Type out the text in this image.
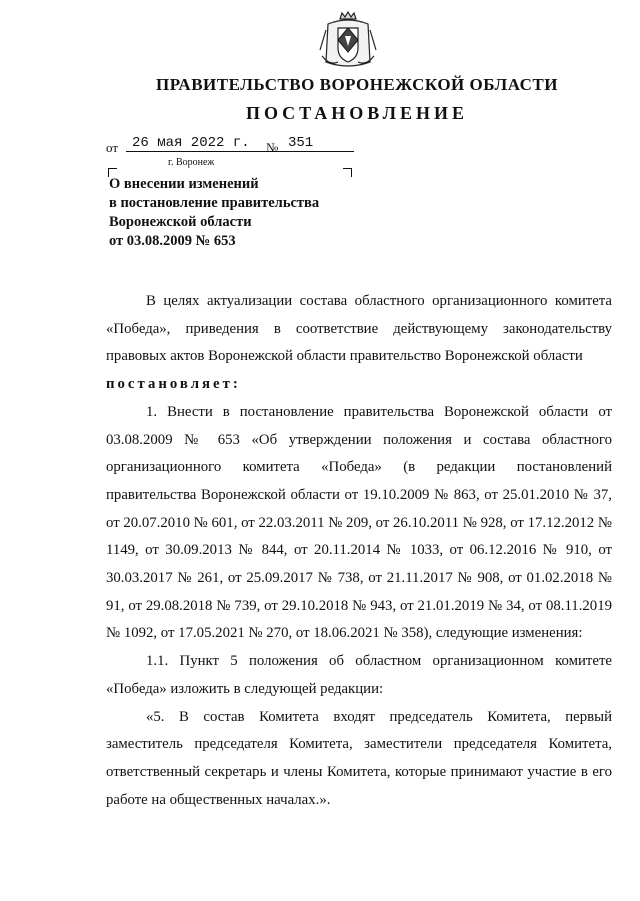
ПРАВИТЕЛЬСТВО ВОРОНЕЖСКОЙ ОБЛАСТИ
ПОСТАНОВЛЕНИЕ
от 26 мая 2022 г.	№ 351
г. Воронеж
О внесении изменений
в постановление правительства
Воронежской области
от 03.08.2009 № 653

В целях актуализации состава областного организационного комитета «Победа», приведения в соответствие действующему законодательству правовых актов Воронежской области правительство Воронежской области

постановляет:

1. Внести в постановление правительства Воронежской области от 03.08.2009 № 653 «Об утверждении положения и состава областного организационного комитета «Победа» (в редакции постановлений правительства Воронежской области от 19.10.2009 № 863, от 25.01.2010 № 37, от 20.07.2010 № 601, от 22.03.2011 № 209, от 26.10.2011 № 928, от 17.12.2012 № 1149, от 30.09.2013 № 844, от 20.11.2014 № 1033, от 06.12.2016 № 910, от 30.03.2017 № 261, от 25.09.2017 № 738, от 21.11.2017 № 908, от 01.02.2018 № 91, от 29.08.2018 № 739, от 29.10.2018 № 943, от 21.01.2019 № 34, от 08.11.2019 № 1092, от 17.05.2021 № 270, от 18.06.2021 № 358), следующие изменения:

1.1. Пункт 5 положения об областном организационном комитете «Победа» изложить в следующей редакции:

«5. В состав Комитета входят председатель Комитета, первый заместитель председателя Комитета, заместители председателя Комитета, ответственный секретарь и члены Комитета, которые принимают участие в его работе на общественных началах.».
